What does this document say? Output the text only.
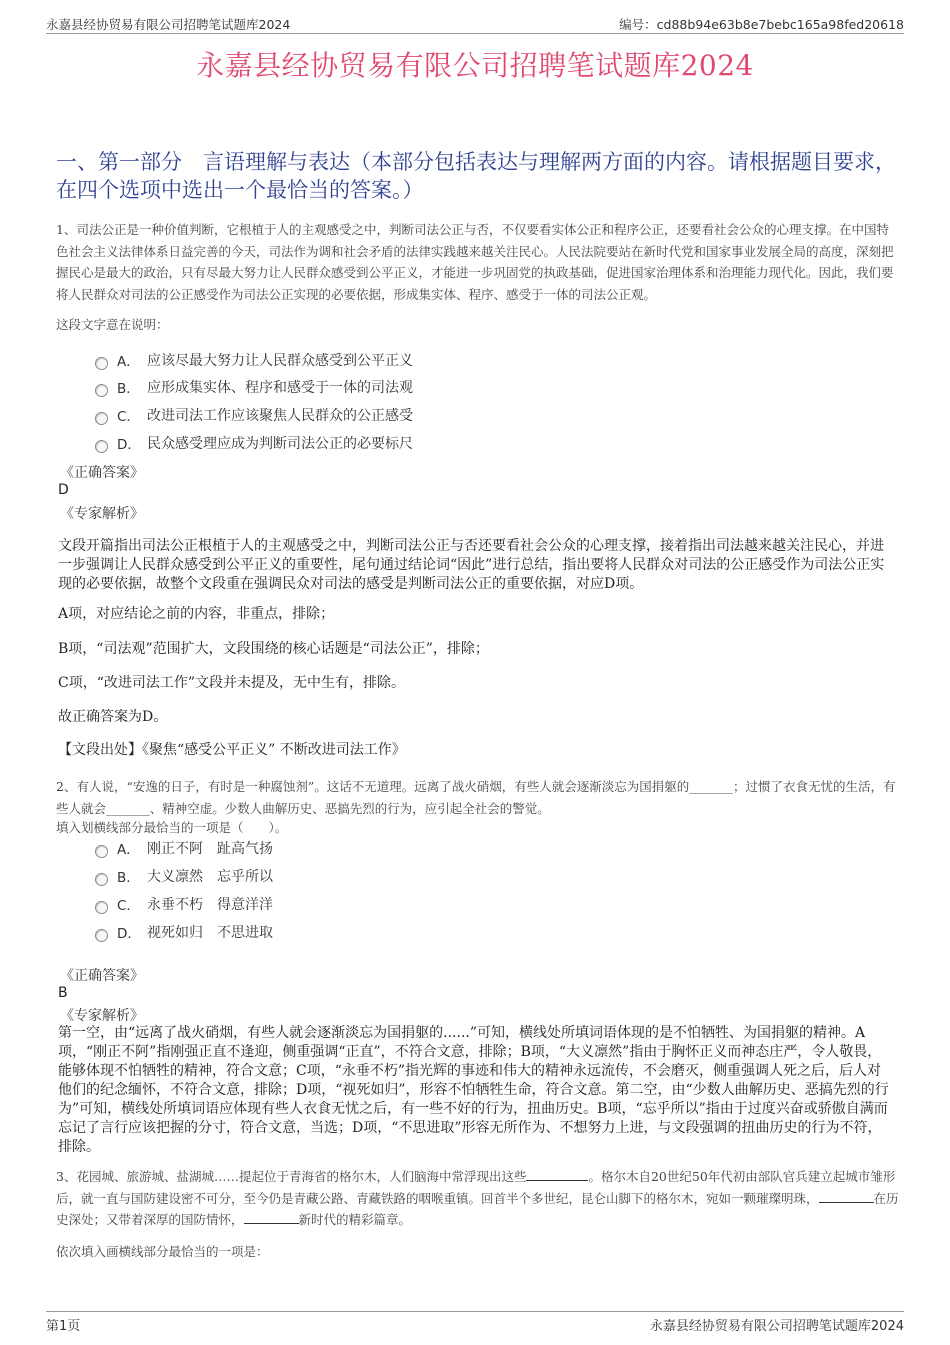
永嘉县经协贸易有限公司招聘笔试题库2024	编号：cd88b94e63b8e7bebc165a98fed20618
永嘉县经协贸易有限公司招聘笔试题库2024
一、第一部分　言语理解与表达（本部分包括表达与理解两方面的内容。请根据题目要求，在四个选项中选出一个最恰当的答案。）
1、司法公正是一种价值判断，它根植于人的主观感受之中，判断司法公正与否，不仅要看实体公正和程序公正，还要看社会公众的心理支撑。在中国特色社会主义法律体系日益完善的今天，司法作为调和社会矛盾的法律实践越来越关注民心。人民法院要站在新时代党和国家事业发展全局的高度，深刻把握民心是最大的政治，只有尽最大努力让人民群众感受到公平正义，才能进一步巩固党的执政基础，促进国家治理体系和治理能力现代化。因此，我们要将人民群众对司法的公正感受作为司法公正实现的必要依据，形成集实体、程序、感受于一体的司法公正观。
这段文字意在说明：
A． 应该尽最大努力让人民群众感受到公平正义
B． 应形成集实体、程序和感受于一体的司法观
C． 改进司法工作应该聚焦人民群众的公正感受
D． 民众感受理应成为判断司法公正的必要标尺
《正确答案》
D
《专家解析》
文段开篇指出司法公正根植于人的主观感受之中，判断司法公正与否还要看社会公众的心理支撑，接着指出司法越来越关注民心，并进一步强调让人民群众感受到公平正义的重要性，尾句通过结论词“因此”进行总结，指出要将人民群众对司法的公正感受作为司法公正实现的必要依据，故整个文段重在强调民众对司法的感受是判断司法公正的重要依据，对应D项。
A项，对应结论之前的内容，非重点，排除；
B项，“司法观”范围扩大，文段围绕的核心话题是“司法公正”，排除；
C项，“改进司法工作”文段并未提及，无中生有，排除。
故正确答案为D。
【文段出处】《聚焦“感受公平正义” 不断改进司法工作》
2、有人说，“安逸的日子，有时是一种腐蚀剂”。这话不无道理。远离了战火硝烟，有些人就会逐渐淡忘为国捐躯的_______；过惯了衣食无忧的生活，有些人就会_______、精神空虚。少数人曲解历史、恶搞先烈的行为，应引起全社会的警觉。
填入划横线部分最恰当的一项是（　　）。
A． 刚正不阿　趾高气扬
B． 大义凛然　忘乎所以
C． 永垂不朽　得意洋洋
D． 视死如归　不思进取
《正确答案》
B
《专家解析》
第一空，由“远离了战火硝烟，有些人就会逐渐淡忘为国捐躯的......”可知，横线处所填词语体现的是不怕牺牲、为国捐躯的精神。A项，“刚正不阿”指刚强正直不逢迎，侧重强调“正直”，不符合文意，排除；B项，“大义凛然”指由于胸怀正义而神态庄严，令人敬畏，能够体现不怕牺牲的精神，符合文意；C项，“永垂不朽”指光辉的事迹和伟大的精神永远流传，不会磨灭，侧重强调人死之后，后人对他们的纪念缅怀，不符合文意，排除；D项，“视死如归”，形容不怕牺牲生命，符合文意。第二空，由“少数人曲解历史、恶搞先烈的行为”可知，横线处所填词语应体现有些人衣食无忧之后，有一些不好的行为，扭曲历史。B项，“忘乎所以”指由于过度兴奋或骄傲自满而忘记了言行应该把握的分寸，符合文意，当选；D项，“不思进取”形容无所作为、不想努力上进，与文段强调的扭曲历史的行为不符，排除。
3、花园城、旅游城、盐湖城……提起位于青海省的格尔木，人们脑海中常浮现出这些	。格尔木自20世纪50年代初由部队官兵建立起城市雏形后，就一直与国防建设密不可分，至今仍是青藏公路、青藏铁路的咽喉重镇。回首半个多世纪，昆仑山脚下的格尔木，宛如一颗璀璨明珠，	在历史深处；又带着深厚的国防情怀，	新时代的精彩篇章。
依次填入画横线部分最恰当的一项是：
第1页	永嘉县经协贸易有限公司招聘笔试题库2024
